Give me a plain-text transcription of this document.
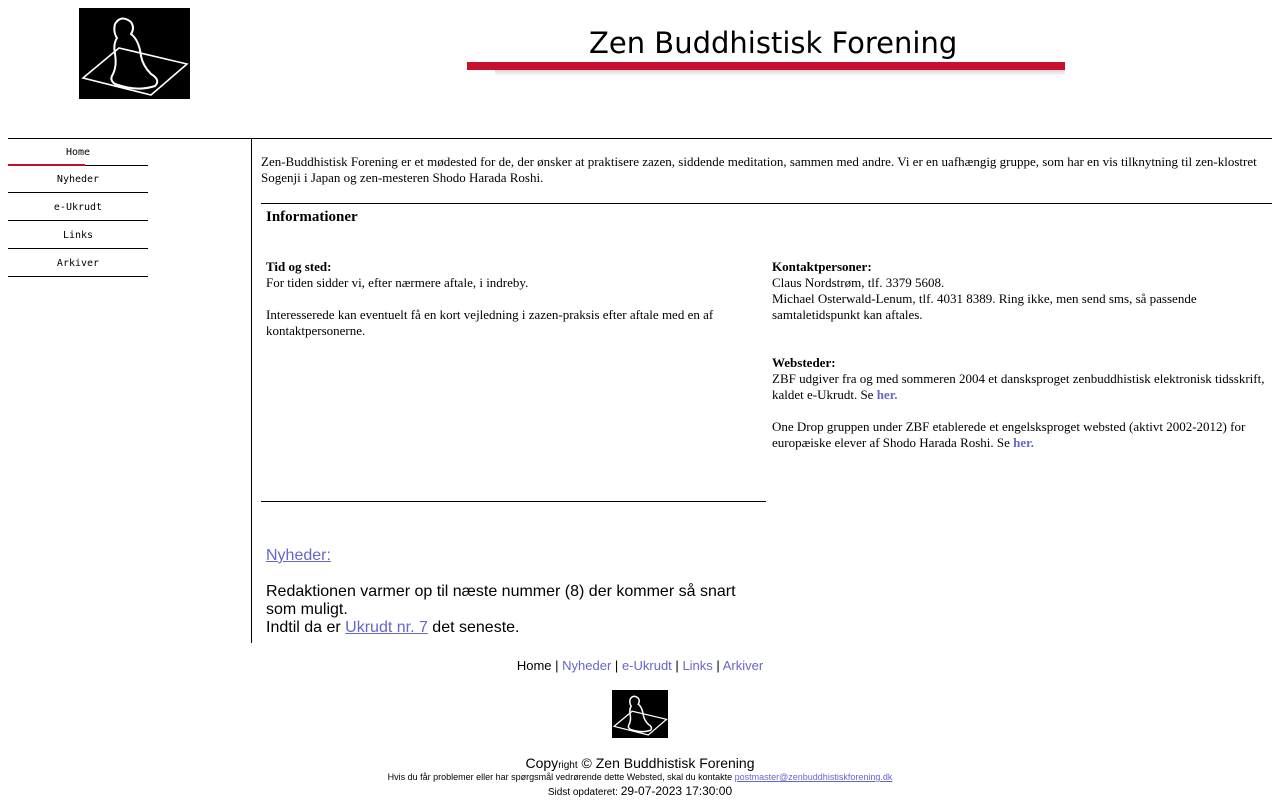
Zen Buddhistisk Forening
Home
Nyheder
e-Ukrudt
Links
Arkiver
Zen-Buddhistisk Forening er et mødested for de, der ønsker at praktisere zazen, siddende meditation, sammen med andre. Vi er en uafhængig gruppe, som har en vis tilknytning til zen-klostret Sogenji i Japan og zen-mesteren Shodo Harada Roshi.
Informationer
Tid og sted:
For tiden sidder vi, efter nærmere aftale, i indreby.

Interesserede kan eventuelt få en kort vejledning i zazen-praksis efter aftale med en af kontaktpersonerne.
Kontaktpersoner:
Claus Nordstrøm, tlf. 3379 5608.
Michael Osterwald-Lenum, tlf. 4031 8389. Ring ikke, men send sms, så passende samtaletidspunkt kan aftales.

Websteder:
ZBF udgiver fra og med sommeren 2004 et dansksproget zenbuddhistisk elektronisk tidsskrift, kaldet e-Ukrudt. Se her.

One Drop gruppen under ZBF etablerede et engelsksproget websted (aktivt 2002-2012) for europæiske elever af Shodo Harada Roshi. Se her.
Nyheder:

Redaktionen varmer op til næste nummer (8) der kommer så snart som muligt.
Indtil da er Ukrudt nr. 7 det seneste.
Home | Nyheder | e-Ukrudt | Links | Arkiver
Copyright © Zen Buddhistisk Forening
Hvis du får problemer eller har spørgsmål vedrørende dette Websted, skal du kontakte postmaster@zenbuddhistiskforening.dk
Sidst opdateret: 29-07-2023 17:30:00
